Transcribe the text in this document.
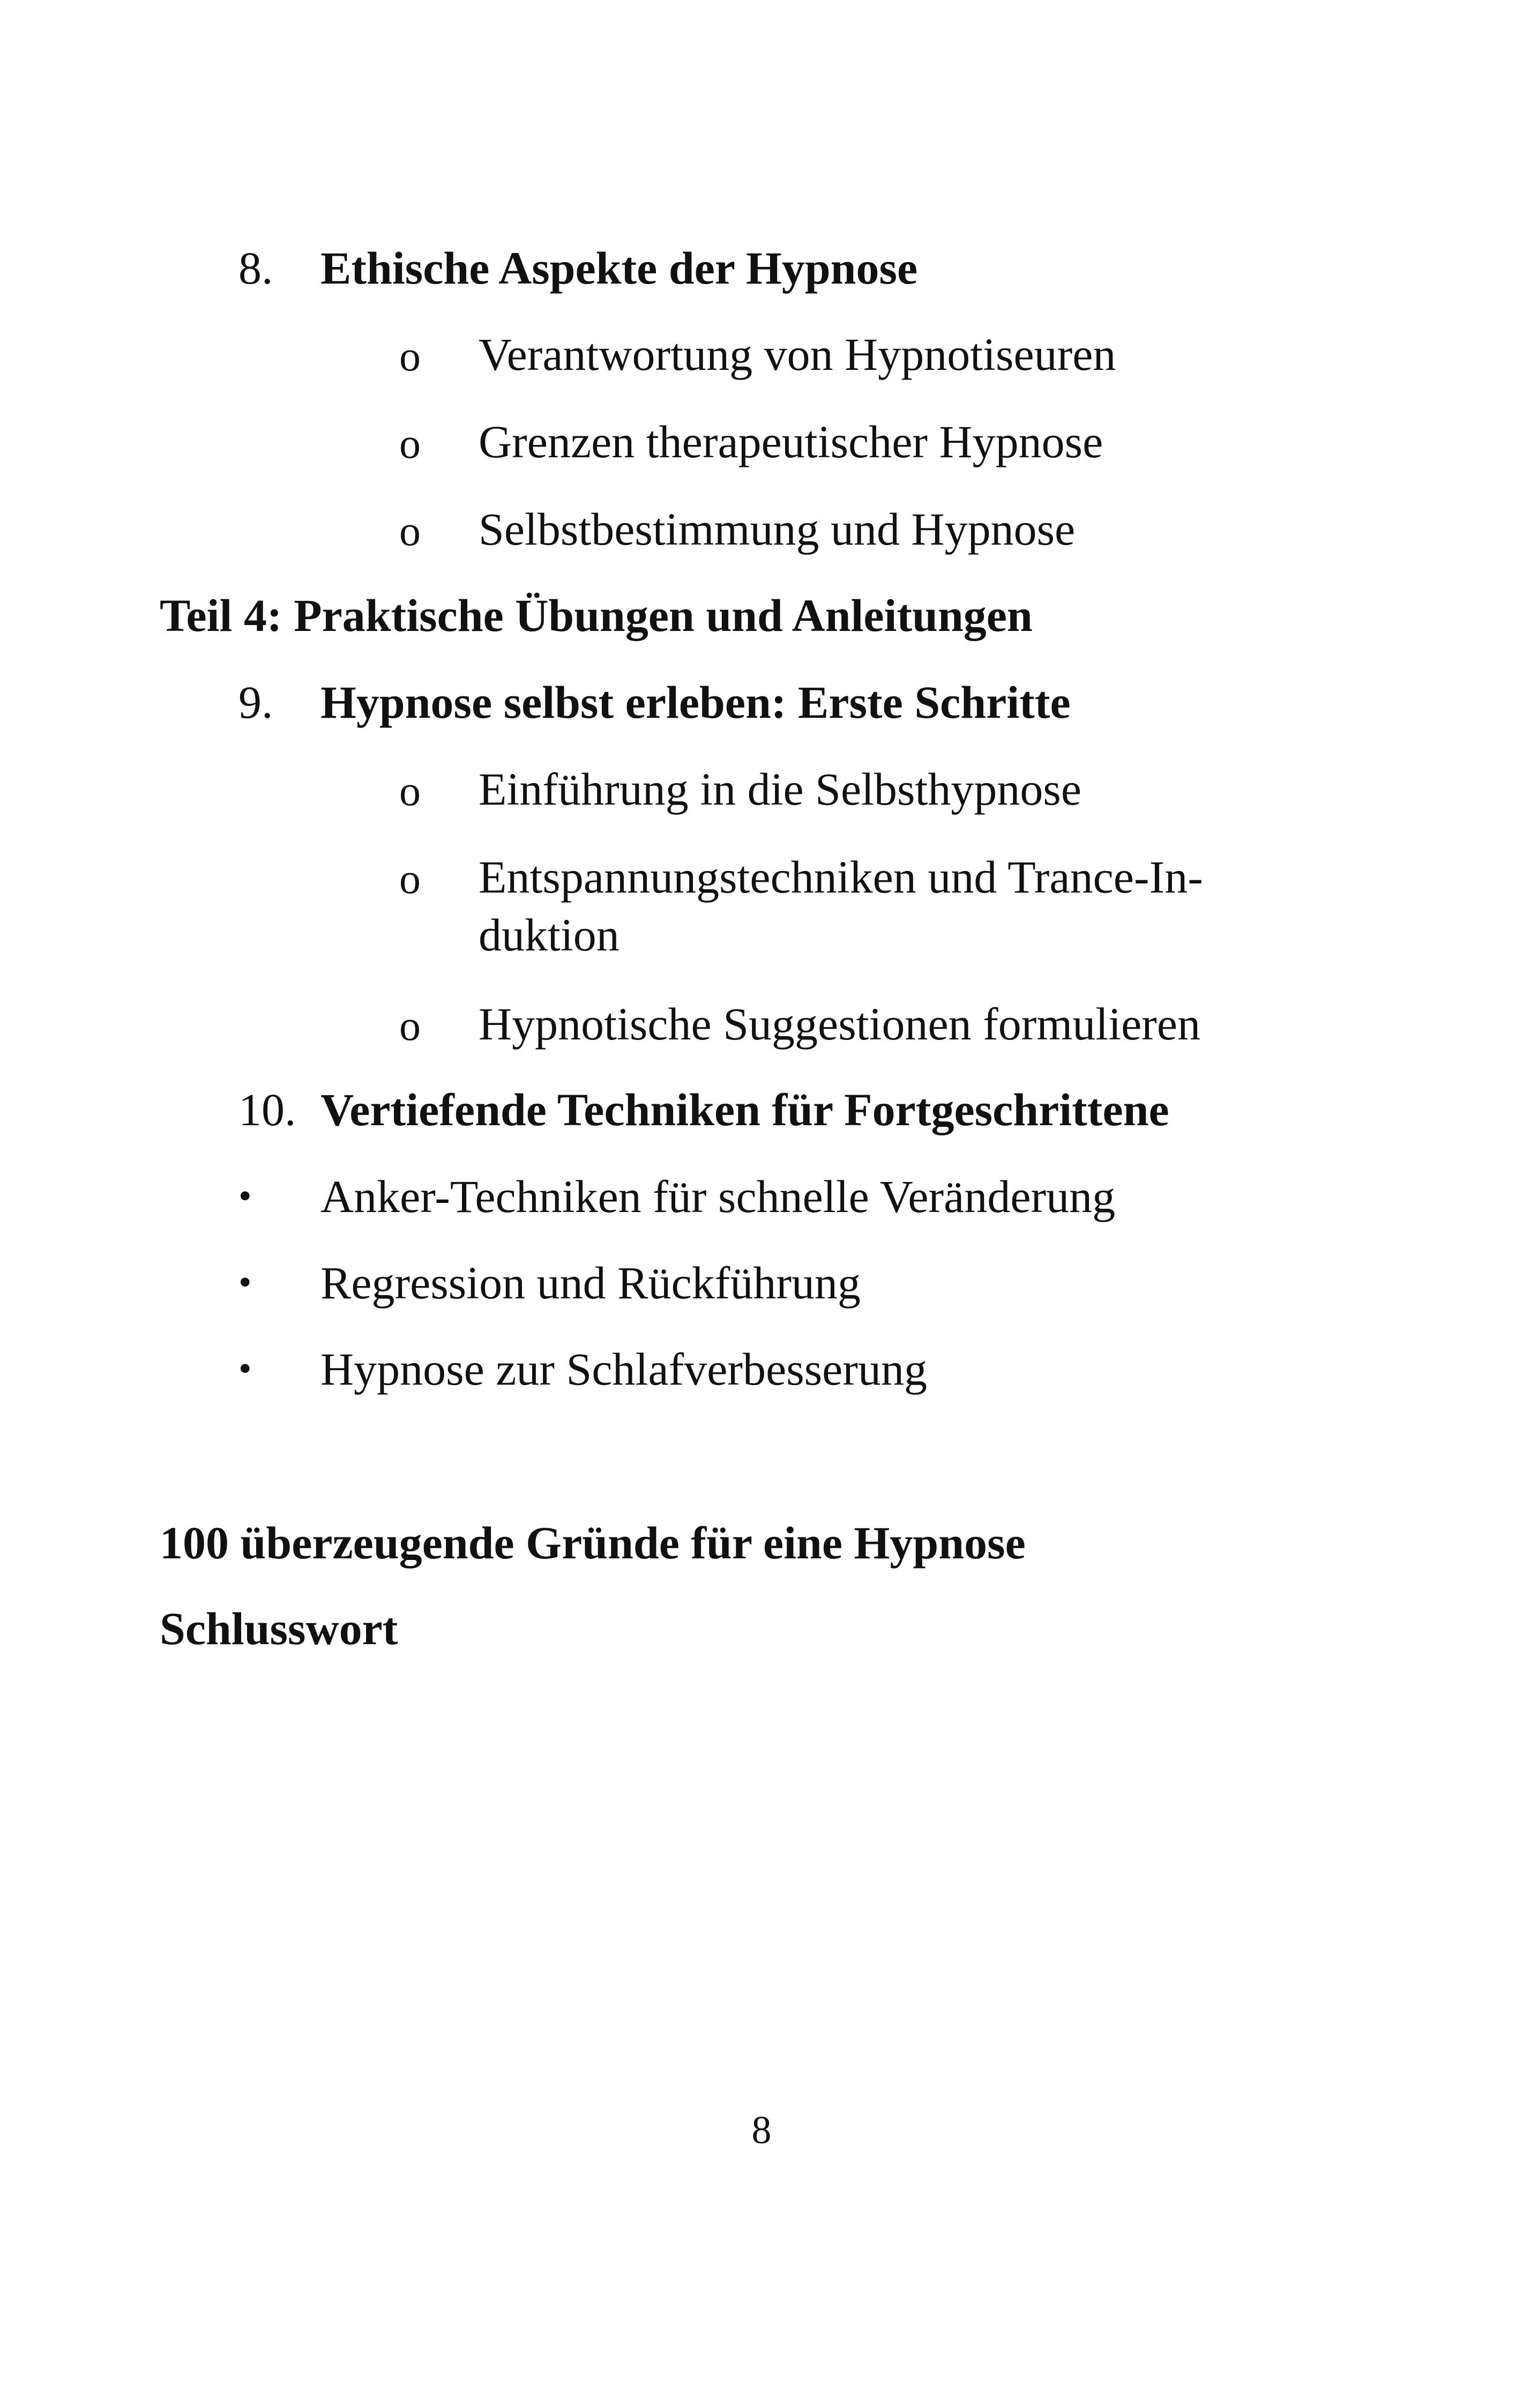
8. Ethische Aspekte der Hypnose
o Verantwortung von Hypnotiseuren
o Grenzen therapeutischer Hypnose
o Selbstbestimmung und Hypnose
Teil 4: Praktische Übungen und Anleitungen
9. Hypnose selbst erleben: Erste Schritte
o Einführung in die Selbsthypnose
o Entspannungstechniken und Trance-In-
duktion
o Hypnotische Suggestionen formulieren
10. Vertiefende Techniken für Fortgeschrittene
• Anker-Techniken für schnelle Veränderung
• Regression und Rückführung
• Hypnose zur Schlafverbesserung
100 überzeugende Gründe für eine Hypnose
Schlusswort
8
